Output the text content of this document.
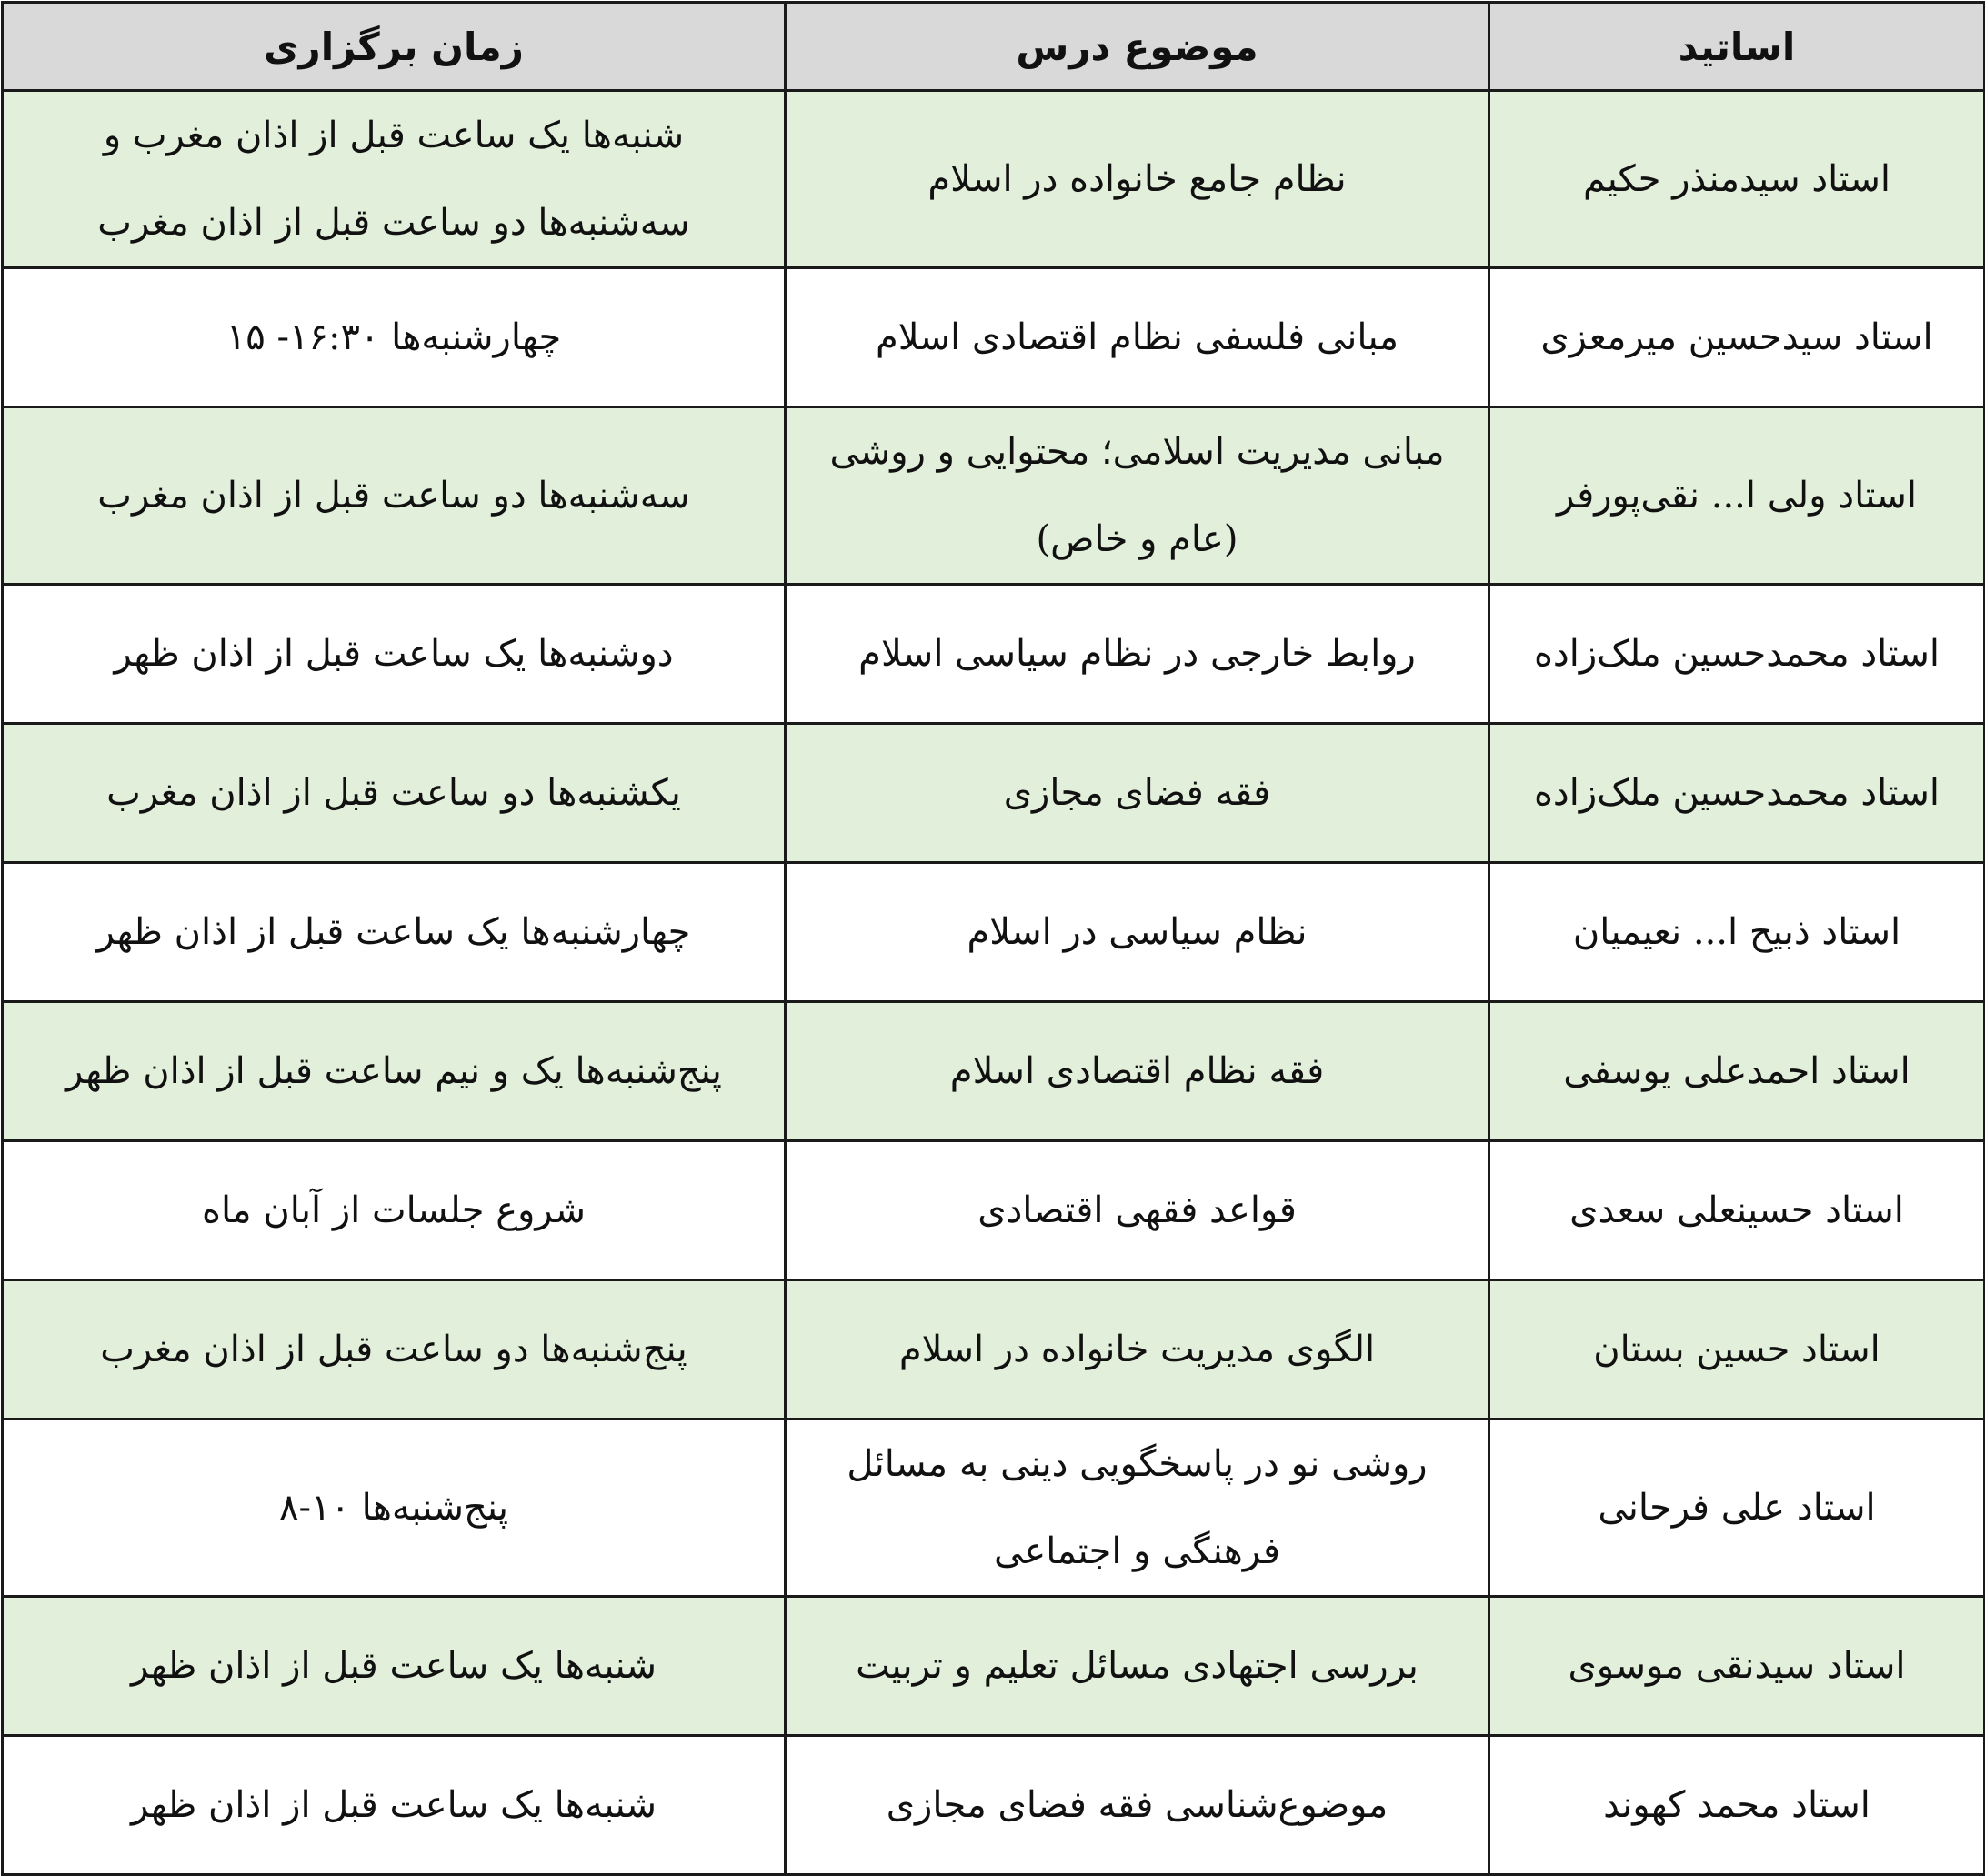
اساتید	موضوع درس	زمان برگزاری
استاد سیدمنذر حکیم	نظام جامع خانواده در اسلام	شنبه‌ها یک ساعت قبل از اذان مغرب و سه‌شنبه‌ها دو ساعت قبل از اذان مغرب
استاد سیدحسین میرمعزی	مبانی فلسفی نظام اقتصادی اسلام	چهارشنبه‌ها ۱۶:۳۰- ۱۵
استاد ولی ا... نقی‌پورفر	مبانی مدیریت اسلامی؛ محتوایی و روشی (عام و خاص)	سه‌شنبه‌ها دو ساعت قبل از اذان مغرب
استاد محمدحسین ملک‌زاده	روابط خارجی در نظام سیاسی اسلام	دوشنبه‌ها یک ساعت قبل از اذان ظهر
استاد محمدحسین ملک‌زاده	فقه فضای مجازی	یکشنبه‌ها دو ساعت قبل از اذان مغرب
استاد ذبیح ا... نعیمیان	نظام سیاسی در اسلام	چهارشنبه‌ها یک ساعت قبل از اذان ظهر
استاد احمدعلی یوسفی	فقه نظام اقتصادی اسلام	پنج‌شنبه‌ها یک و نیم ساعت قبل از اذان ظهر
استاد حسینعلی سعدی	قواعد فقهی اقتصادی	شروع جلسات از آبان ماه
استاد حسین بستان	الگوی مدیریت خانواده در اسلام	پنج‌شنبه‌ها دو ساعت قبل از اذان مغرب
استاد علی فرحانی	روشی نو در پاسخگویی دینی به مسائل فرهنگی و اجتماعی	پنج‌شنبه‌ها ۱۰-۸
استاد سیدنقی موسوی	بررسی اجتهادی مسائل تعلیم و تربیت	شنبه‌ها یک ساعت قبل از اذان ظهر
استاد محمد کهوند	موضوع‌شناسی فقه فضای مجازی	شنبه‌ها یک ساعت قبل از اذان ظهر
